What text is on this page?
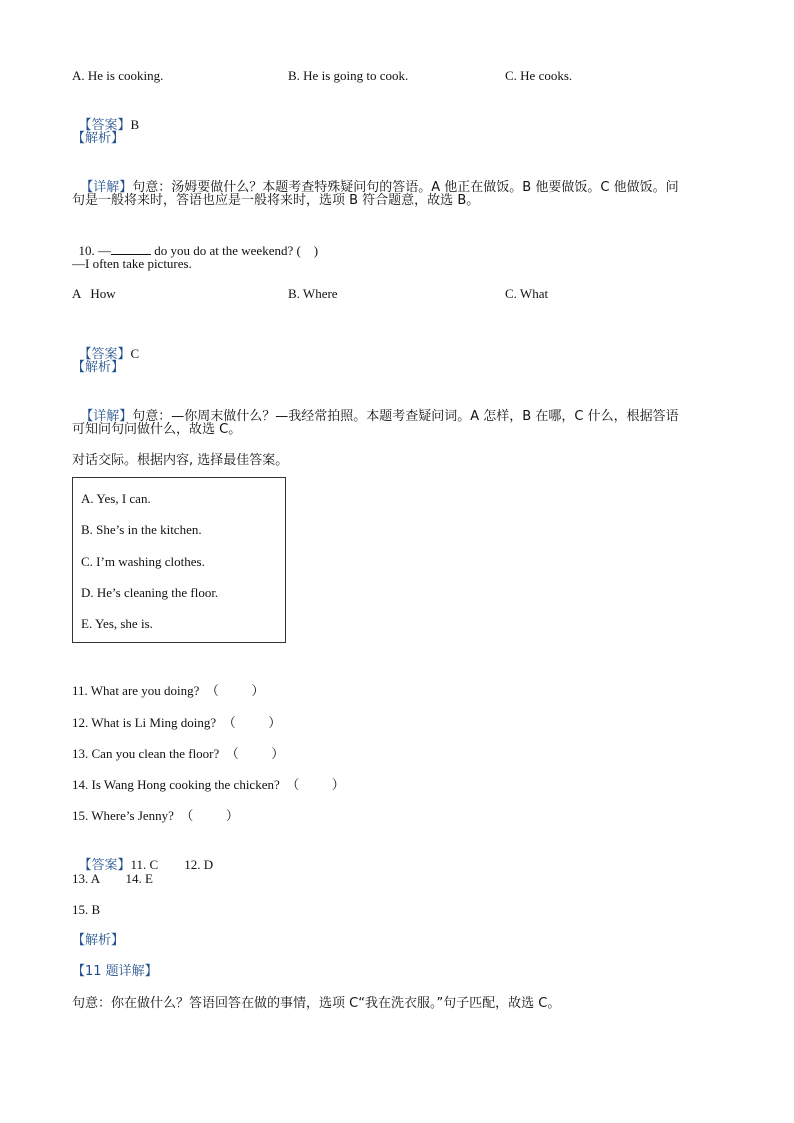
A. He is cooking.	B. He is going to cook.	C. He cooks.

【答案】B

【解析】

【详解】句意：汤姆要做什么？本题考查特殊疑问句的答语。A 他正在做饭。B 他要做饭。C 他做饭。问

句是一般将来时，答语也应是一般将来时，选项 B 符合题意，故选 B。

10. —	do you do at the weekend? (    )

—I often take pictures.
A   How	B. Where	C. What

【答案】C

【解析】

【详解】句意：—你周末做什么？—我经常拍照。本题考查疑问词。A 怎样，B 在哪，C 什么，根据答语

可知问句问做什么，故选 C。
对话交际。根据内容, 选择最佳答案。
A. Yes, I can.
B. She’s in the kitchen.
C. I’m washing clothes.
D. He’s cleaning the floor.
E. Yes, she is.
11. What are you doing?  （          ）
12. What is Li Ming doing?  （          ）
13. Can you clean the floor?  （          ）
14. Is Wang Hong cooking the chicken?  （          ）
15. Where’s Jenny?  （          ）

【答案】11. C        12. D

13. A        14. E
15. B
【解析】
【11 题详解】
句意：你在做什么？答语回答在做的事情，选项 C“我在洗衣服。”句子匹配，故选 C。
